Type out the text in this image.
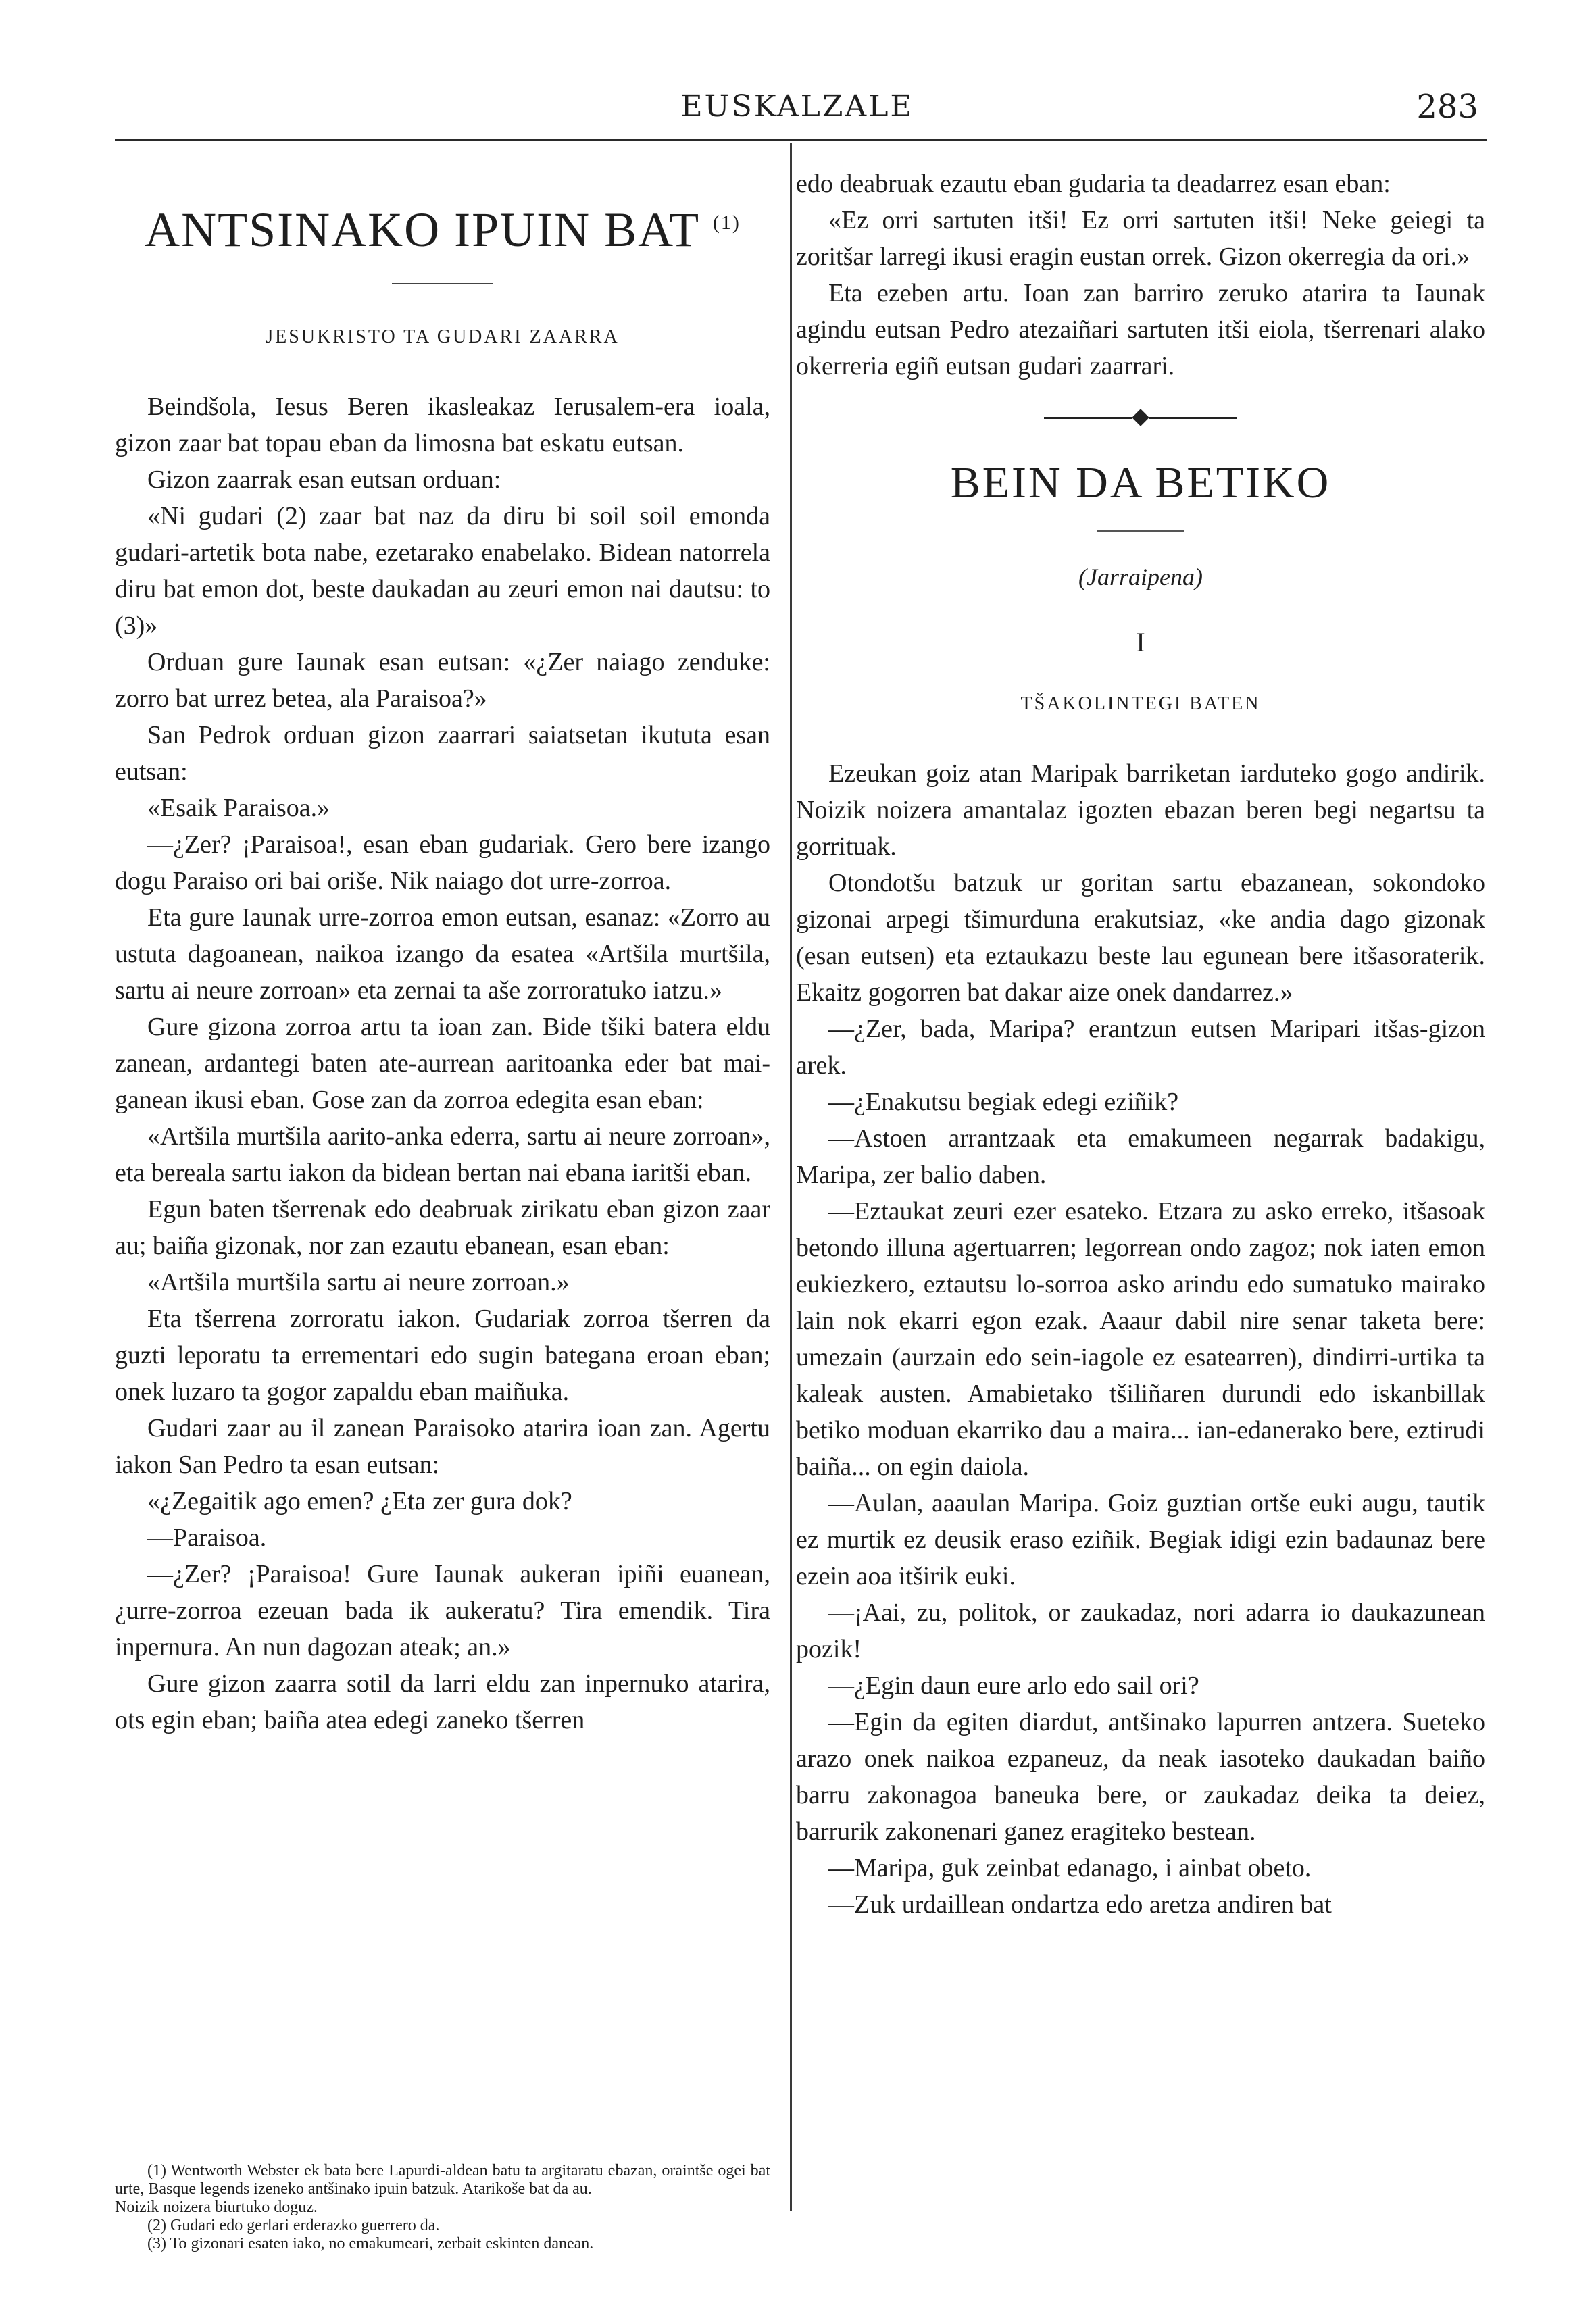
EUSKALZALE	283
ANTSINAKO IPUIN BAT $^{(1)}$
JESUKRISTO TA GUDARI ZAARRA

Beindšola, Iesus Beren ikasleakaz Ierusalem-era ioala, gizon zaar bat topau eban da limosna bat eskatu eutsan.

Gizon zaarrak esan eutsan orduan:

«Ni gudari (2) zaar bat naz da diru bi soil soil emonda gudari-artetik bota nabe, ezetarako enabelako. Bidean natorrela diru bat emon dot, beste daukadan au zeuri emon nai dautsu: to (3)»

Orduan gure Iaunak esan eutsan: «¿Zer naiago zenduke: zorro bat urrez betea, ala Paraisoa?»

San Pedrok orduan gizon zaarrari saiatsetan ikututa esan eutsan:

«Esaik Paraisoa.»

—¿Zer? ¡Paraisoa!, esan eban gudariak. Gero bere izango dogu Paraiso ori bai oriše. Nik naiago dot urre-zorroa.

Eta gure Iaunak urre-zorroa emon eutsan, esanaz: «Zorro au ustuta dagoanean, naikoa izango da esatea «Artšila murtšila, sartu ai neure zorroan» eta zernai ta aše zorroratuko iatzu.»

Gure gizona zorroa artu ta ioan zan. Bide tšiki batera eldu zanean, ardantegi baten ate-aurrean aaritoanka eder bat mai-ganean ikusi eban. Gose zan da zorroa edegita esan eban:

«Artšila murtšila aarito-anka ederra, sartu ai neure zorroan», eta bereala sartu iakon da bidean bertan nai ebana iaritši eban.

Egun baten tšerrenak edo deabruak zirikatu eban gizon zaar au; baiña gizonak, nor zan ezautu ebanean, esan eban:

«Artšila murtšila sartu ai neure zorroan.»

Eta tšerrena zorroratu iakon. Gudariak zorroa tšerren da guzti leporatu ta errementari edo sugin bategana eroan eban; onek luzaro ta gogor zapaldu eban maiñuka.

Gudari zaar au il zanean Paraisoko atarira ioan zan. Agertu iakon San Pedro ta esan eutsan:

«¿Zegaitik ago emen? ¿Eta zer gura dok?

—Paraisoa.

—¿Zer? ¡Paraisoa! Gure Iaunak aukeran ipiñi euanean, ¿urre-zorroa ezeuan bada ik aukeratu? Tira emendik. Tira inpernura. An nun dagozan ateak; an.»

Gure gizon zaarra sotil da larri eldu zan inpernuko atarira, ots egin eban; baiña atea edegi zaneko tšerren

(1) Wentworth Webster ek bata bere Lapurdi-aldean batu ta argitaratu ebazan, oraintše ogei bat urte, Basque legends izeneko antšinako ipuin batzuk. Atarikoše bat da au.

Noizik noizera biurtuko doguz.

(2) Gudari edo gerlari erderazko guerrero da.

(3) To gizonari esaten iako, no emakumeari, zerbait eskinten danean.

edo deabruak ezautu eban gudaria ta deadarrez esan eban:

«Ez orri sartuten itši! Ez orri sartuten itši! Neke geiegi ta zoritšar larregi ikusi eragin eustan orrek. Gizon okerregia da ori.»

Eta ezeben artu. Ioan zan barriro zeruko atarira ta Iaunak agindu eutsan Pedro atezaiñari sartuten itši eiola, tšerrenari alako okerreria egiñ eutsan gudari zaarrari.

BEIN DA BETIKO
(Jarraipena)
I
TŠAKOLINTEGI BATEN

Ezeukan goiz atan Maripak barriketan iarduteko gogo andirik. Noizik noizera amantalaz igozten ebazan beren begi negartsu ta gorrituak.

Otondotšu batzuk ur goritan sartu ebazanean, sokondoko gizonai arpegi tšimurduna erakutsiaz, «ke andia dago gizonak (esan eutsen) eta eztaukazu beste lau egunean bere itšasoraterik. Ekaitz gogorren bat dakar aize onek dandarrez.»

—¿Zer, bada, Maripa? erantzun eutsen Maripari itšas-gizon arek.

—¿Enakutsu begiak edegi eziñik?

—Astoen arrantzaak eta emakumeen negarrak badakigu, Maripa, zer balio daben.

—Eztaukat zeuri ezer esateko. Etzara zu asko erreko, itšasoak betondo illuna agertuarren; legorrean ondo zagoz; nok iaten emon eukiezkero, eztautsu lo-sorroa asko arindu edo sumatuko mairako lain nok ekarri egon ezak. Aaaur dabil nire senar taketa bere: umezain (aurzain edo sein-iagole ez esatearren), dindirri-urtika ta kaleak austen. Amabietako tšiliñaren durundi edo iskanbillak betiko moduan ekarriko dau a maira... ian-edanerako bere, eztirudi baiña... on egin daiola.

—Aulan, aaaulan Maripa. Goiz guztian ortše euki augu, tautik ez murtik ez deusik eraso eziñik. Begiak idigi ezin badaunaz bere ezein aoa itširik euki.

—¡Aai, zu, politok, or zaukadaz, nori adarra io daukazunean pozik!

—¿Egin daun eure arlo edo sail ori?

—Egin da egiten diardut, antšinako lapurren antzera. Sueteko arazo onek naikoa ezpaneuz, da neak iasoteko daukadan baiño barru zakonagoa baneuka bere, or zaukadaz deika ta deiez, barrurik zakonenari ganez eragiteko bestean.

—Maripa, guk zeinbat edanago, i ainbat obeto.

—Zuk urdaillean ondartza edo aretza andiren bat
